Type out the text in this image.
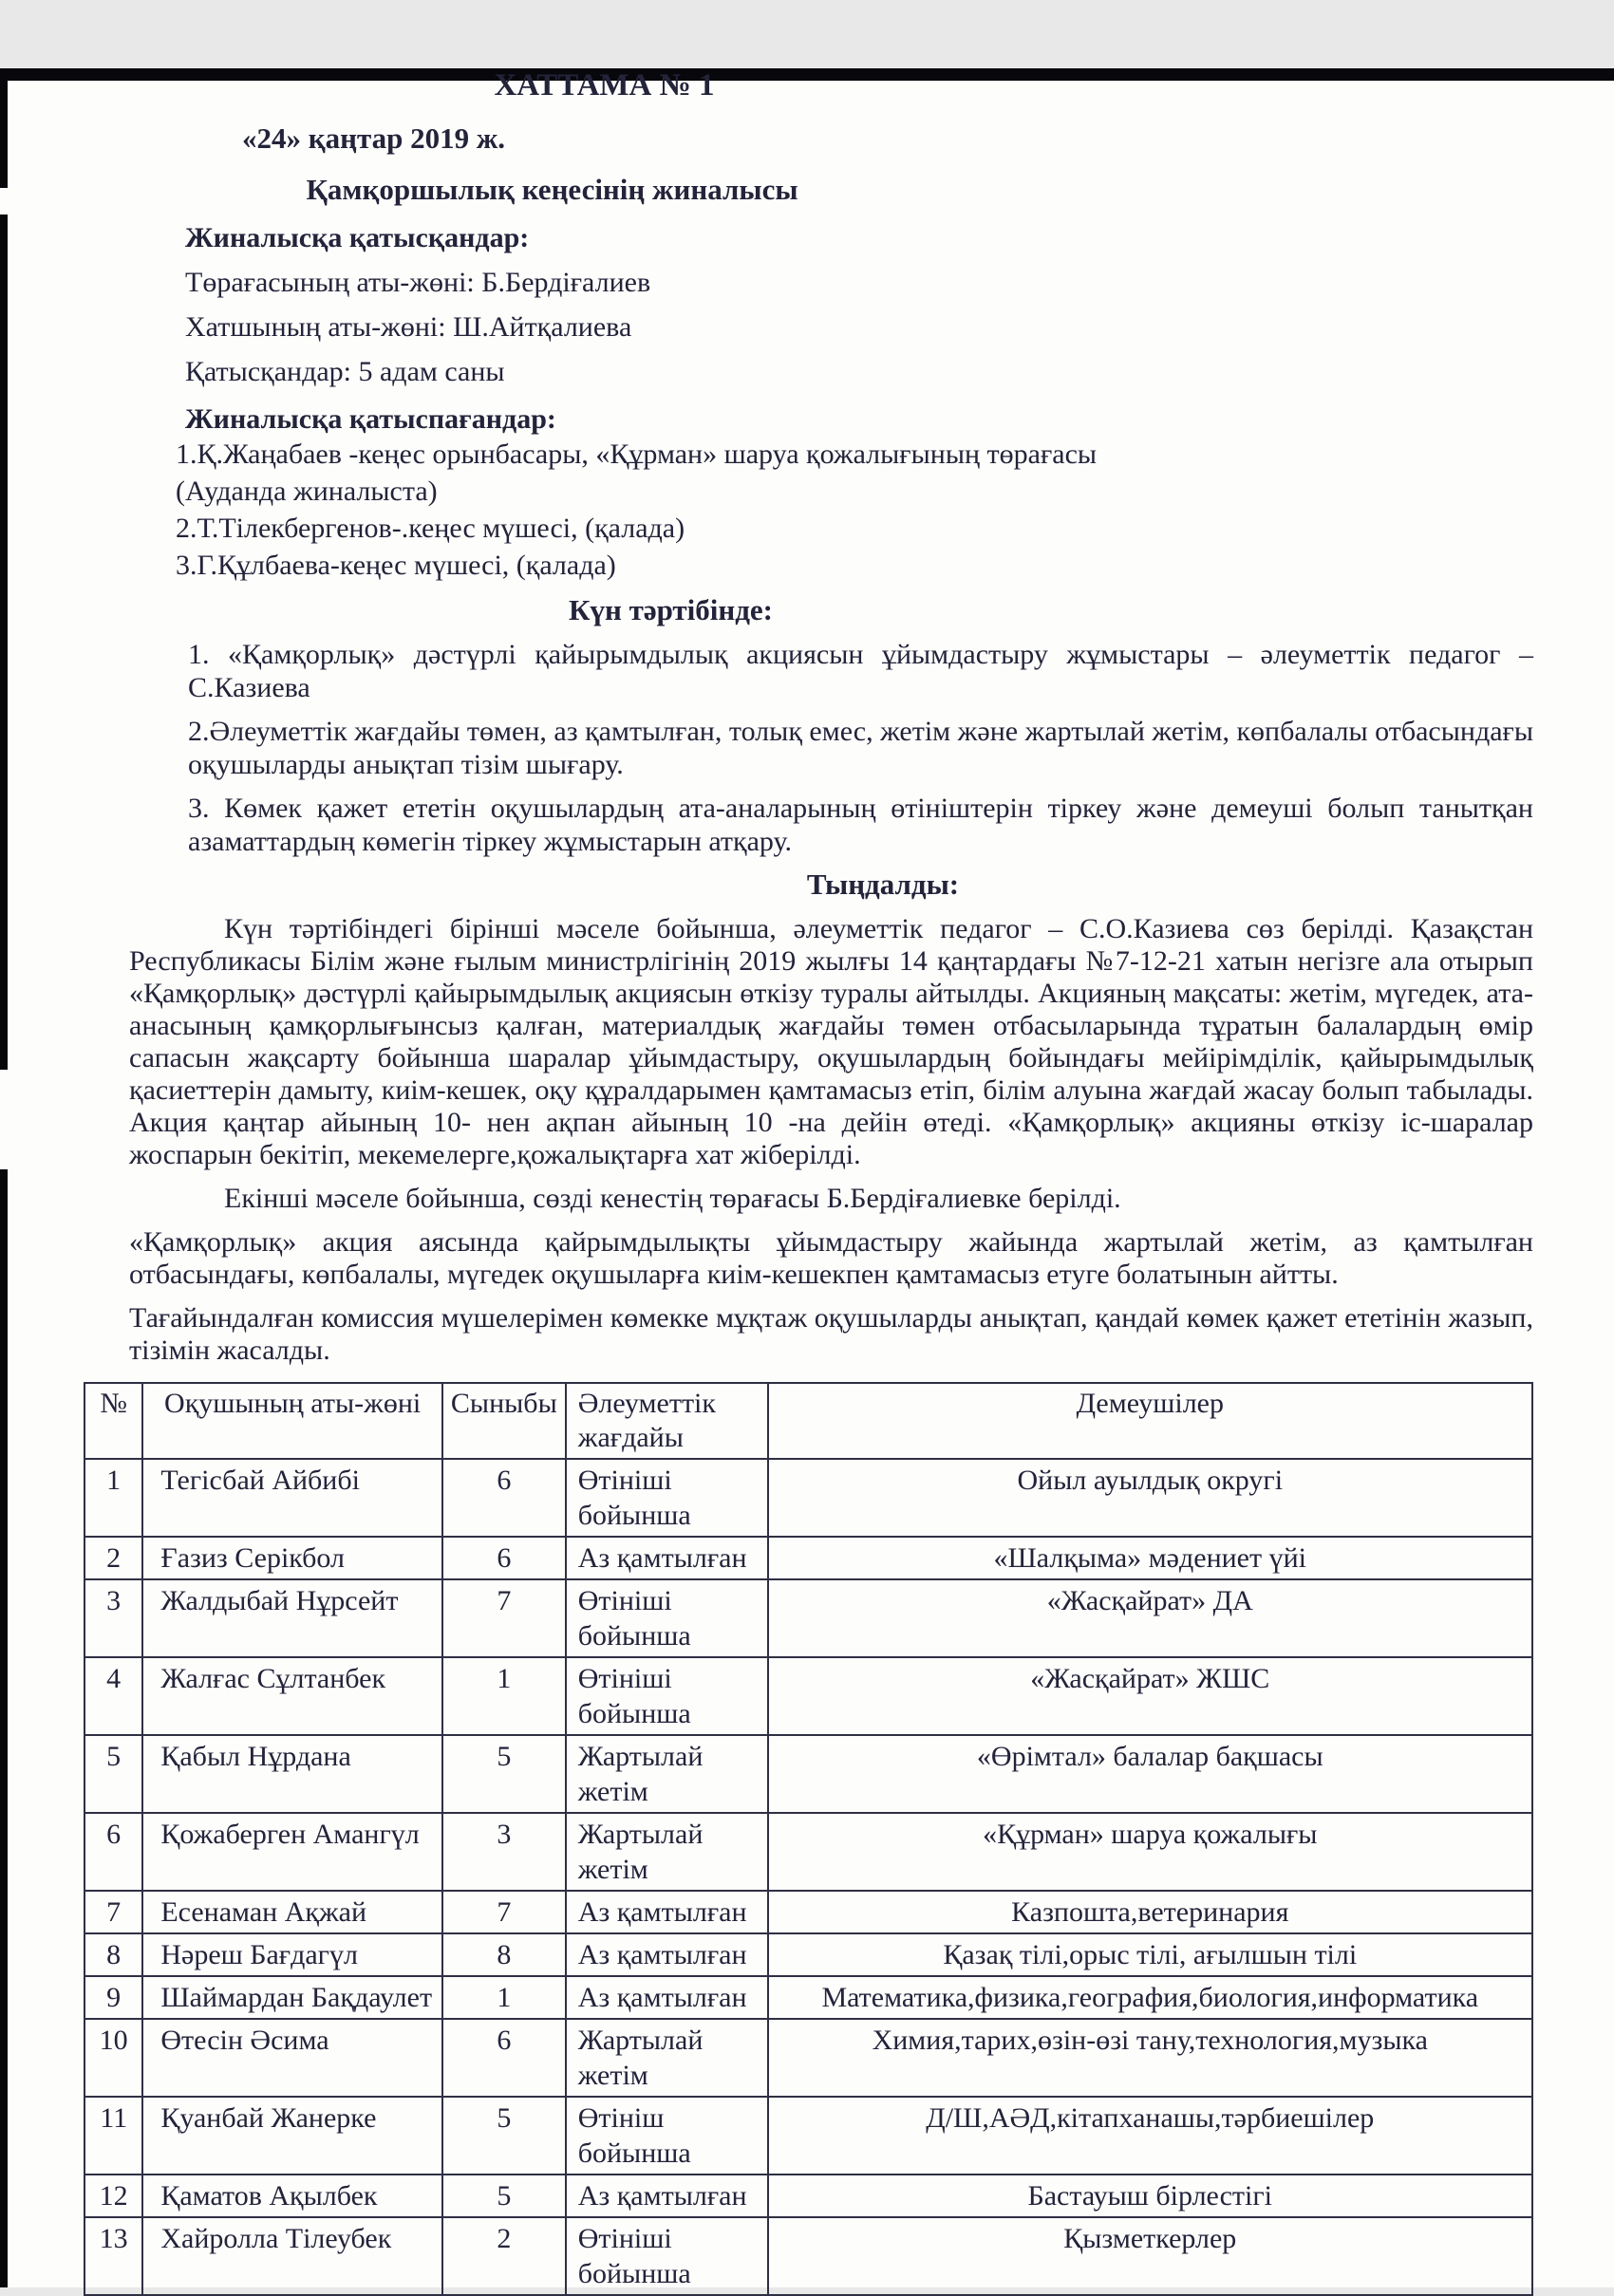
ХАТТАМА № 1

«24» қаңтар 2019 ж.

Қамқоршылық кеңесінің жиналысы

Жиналысқа қатысқандар:

Төрағасының аты-жөні: Б.Бердіғалиев

Хатшының аты-жөні: Ш.Айтқалиева

Қатысқандар: 5 адам саны

Жиналысқа қатыспағандар:

1.Қ.Жаңабаев -кеңес орынбасары, «Құрман» шаруа қожалығының төрағасы

(Ауданда жиналыста)

2.Т.Тілекбергенов-.кеңес мүшесі, (қалада)

3.Г.Құлбаева-кеңес мүшесі, (қалада)

Күн тәртібінде:

1. «Қамқорлық» дәстүрлі қайырымдылық акциясын ұйымдастыру жұмыстары – әлеуметтік педагог – С.Казиева

2.Әлеуметтік жағдайы төмен, аз қамтылған, толық емес, жетім және жартылай жетім, көпбалалы отбасындағы оқушыларды анықтап тізім шығару.

3. Көмек қажет ететін оқушылардың ата-аналарының өтініштерін тіркеу және демеуші болып танытқан азаматтардың көмегін тіркеу жұмыстарын атқару.

Тыңдалды:

Күн тәртібіндегі бірінші мәселе бойынша, әлеуметтік педагог – С.О.Казиева сөз берілді. Қазақстан Республикасы Білім және ғылым министрлігінің 2019 жылғы 14 қаңтардағы №7-12-21 хатын негізге ала отырып «Қамқорлық» дәстүрлі қайырымдылық акциясын өткізу туралы айтылды. Акцияның мақсаты: жетім, мүгедек, ата-анасының қамқорлығынсыз қалған, материалдық жағдайы төмен отбасыларында тұратын балалардың өмір сапасын жақсарту бойынша шаралар ұйымдастыру, оқушылардың бойындағы мейірімділік, қайырымдылық қасиеттерін дамыту, киім-кешек, оқу құралдарымен қамтамасыз етіп, білім алуына жағдай жасау болып табылады. Акция қаңтар айының 10- нен ақпан айының 10 -на дейін өтеді. «Қамқорлық» акцияны өткізу іс-шаралар жоспарын бекітіп, мекемелерге,қожалықтарға хат жіберілді.

Екінші мәселе бойынша, сөзді кенестің төрағасы Б.Бердіғалиевке берілді.

«Қамқорлық» акция аясында қайрымдылықты ұйымдастыру жайында жартылай жетім, аз қамтылған отбасындағы, көпбалалы, мүгедек оқушыларға киім-кешекпен қамтамасыз етуге болатынын айтты.

Тағайындалған комиссия мүшелерімен көмекке мұқтаж оқушыларды анықтап, қандай көмек қажет ететінін жазып, тізімін жасалды.

№	Оқушының аты-жөні	Сыныбы	Әлеуметтік жағдайы	Демеушілер
1	Тегісбай Айбибі	6	Өтініші бойынша	Ойыл ауылдық округі
2	Ғазиз Серікбол	6	Аз қамтылған	«Шалқыма» мәдениет үйі
3	Жалдыбай Нұрсейт	7	Өтініші бойынша	«Жасқайрат» ДА
4	Жалғас Сұлтанбек	1	Өтініші бойынша	«Жасқайрат» ЖШС
5	Қабыл Нұрдана	5	Жартылай жетім	«Өрімтал» балалар бақшасы
6	Қожаберген Амангүл	3	Жартылай жетім	«Құрман» шаруа қожалығы
7	Есенаман Ақжай	7	Аз қамтылған	Казпошта,ветеринария
8	Нәреш Бағдагүл	8	Аз қамтылған	Қазақ тілі,орыс тілі, ағылшын тілі
9	Шаймардан Бақдаулет	1	Аз қамтылған	Математика,физика,география,биология,информатика
10	Өтесін Әсима	6	Жартылай жетім	Химия,тарих,өзін-өзі тану,технология,музыка
11	Қуанбай Жанерке	5	Өтініш бойынша	Д/Ш,АӘД,кітапханашы,тәрбиешілер
12	Қаматов Ақылбек	5	Аз қамтылған	Бастауыш бірлестігі
13	Хайролла Тілеубек	2	Өтініші бойынша	Қызметкерлер
